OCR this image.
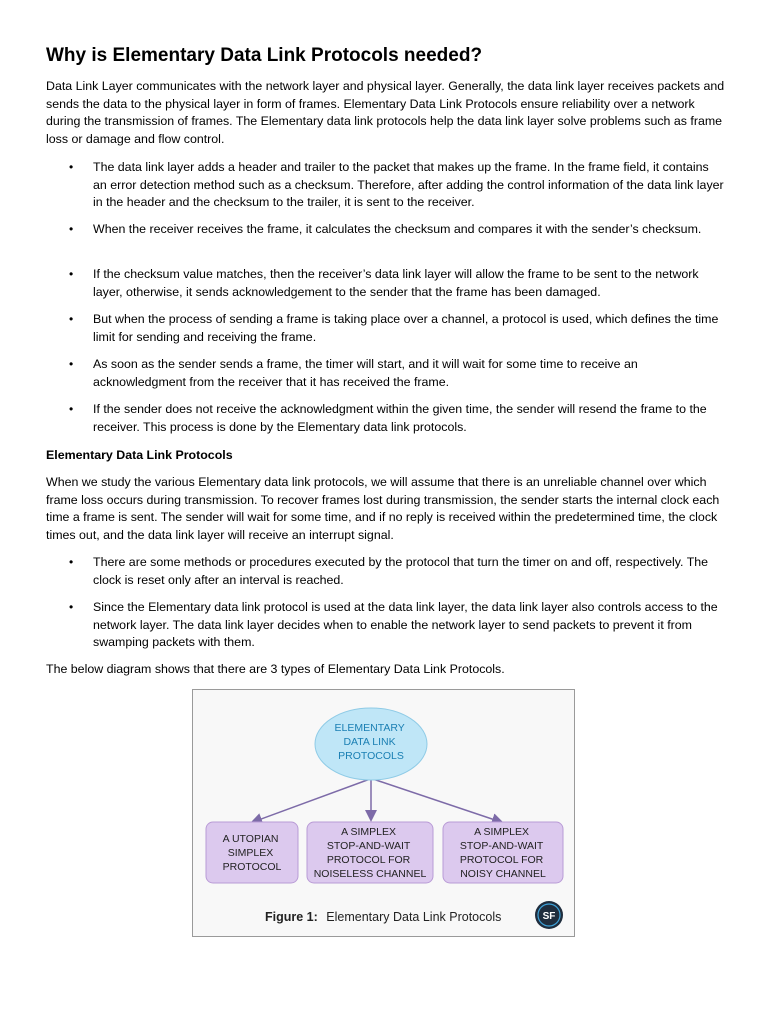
Why is Elementary Data Link Protocols needed?

Data Link Layer communicates with the network layer and physical layer. Generally, the data link layer receives packets and sends the data to the physical layer in form of frames. Elementary Data Link Protocols ensure reliability over a network during the transmission of frames. The Elementary data link protocols help the data link layer solve problems such as frame loss or damage and flow control.

• The data link layer adds a header and trailer to the packet that makes up the frame. In the frame field, it contains an error detection method such as a checksum. Therefore, after adding the control information of the data link layer in the header and the checksum to the trailer, it is sent to the receiver.
• When the receiver receives the frame, it calculates the checksum and compares it with the sender’s checksum.
• If the checksum value matches, then the receiver’s data link layer will allow the frame to be sent to the network layer, otherwise, it sends acknowledgement to the sender that the frame has been damaged.
• But when the process of sending a frame is taking place over a channel, a protocol is used, which defines the time limit for sending and receiving the frame.
• As soon as the sender sends a frame, the timer will start, and it will wait for some time to receive an acknowledgment from the receiver that it has received the frame.
• If the sender does not receive the acknowledgment within the given time, the sender will resend the frame to the receiver. This process is done by the Elementary data link protocols.

Elementary Data Link Protocols

When we study the various Elementary data link protocols, we will assume that there is an unreliable channel over which frame loss occurs during transmission. To recover frames lost during transmission, the sender starts the internal clock each time a frame is sent. The sender will wait for some time, and if no reply is received within the predetermined time, the clock times out, and the data link layer will receive an interrupt signal.

• There are some methods or procedures executed by the protocol that turn the timer on and off, respectively. The clock is reset only after an interval is reached.
• Since the Elementary data link protocol is used at the data link layer, the data link layer also controls access to the network layer. The data link layer decides when to enable the network layer to send packets to prevent it from swamping packets with them.

The below diagram shows that there are 3 types of Elementary Data Link Protocols.

ELEMENTARY DATA LINK PROTOCOLS
A UTOPIAN SIMPLEX PROTOCOL
A SIMPLEX STOP-AND-WAIT PROTOCOL FOR NOISELESS CHANNEL
A SIMPLEX STOP-AND-WAIT PROTOCOL FOR NOISY CHANNEL
Figure 1: Elementary Data Link Protocols	SF
